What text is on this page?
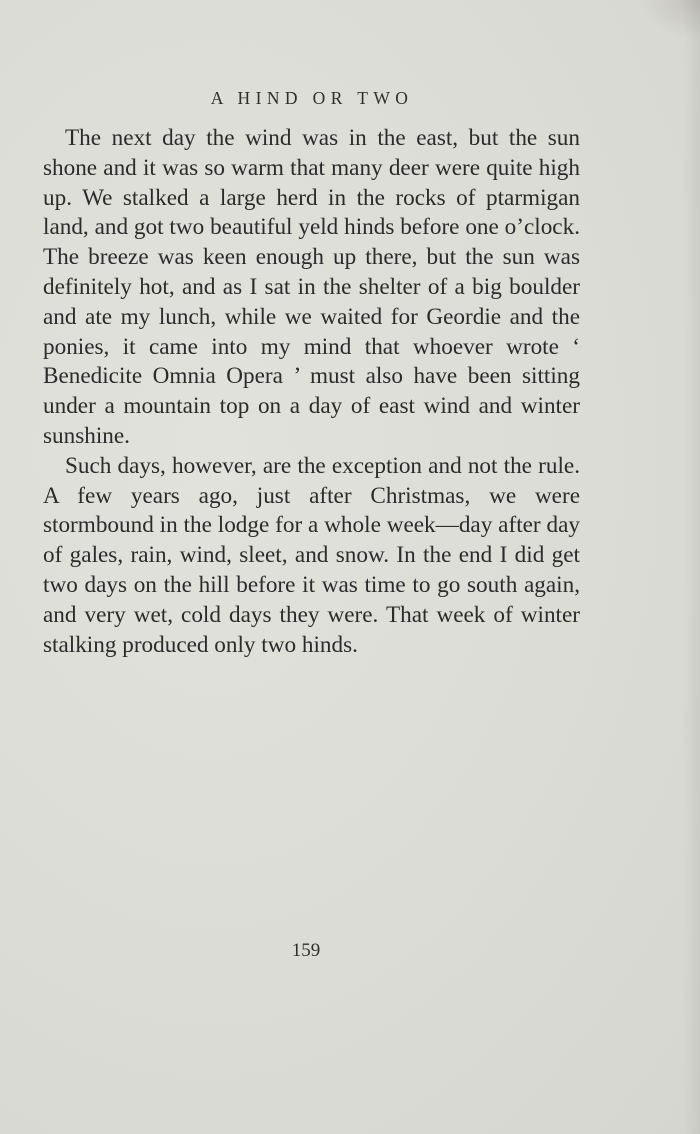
A HIND OR TWO

The next day the wind was in the east, but the sun shone and it was so warm that many deer were quite high up. We stalked a large herd in the rocks of ptarmigan land, and got two beautiful yeld hinds before one o’clock. The breeze was keen enough up there, but the sun was definitely hot, and as I sat in the shelter of a big boulder and ate my lunch, while we waited for Geordie and the ponies, it came into my mind that whoever wrote ‘ Benedicite Omnia Opera ’ must also have been sitting under a mountain top on a day of east wind and winter sunshine.

Such days, however, are the exception and not the rule. A few years ago, just after Christmas, we were stormbound in the lodge for a whole week—day after day of gales, rain, wind, sleet, and snow. In the end I did get two days on the hill before it was time to go south again, and very wet, cold days they were. That week of winter stalking produced only two hinds.

159
